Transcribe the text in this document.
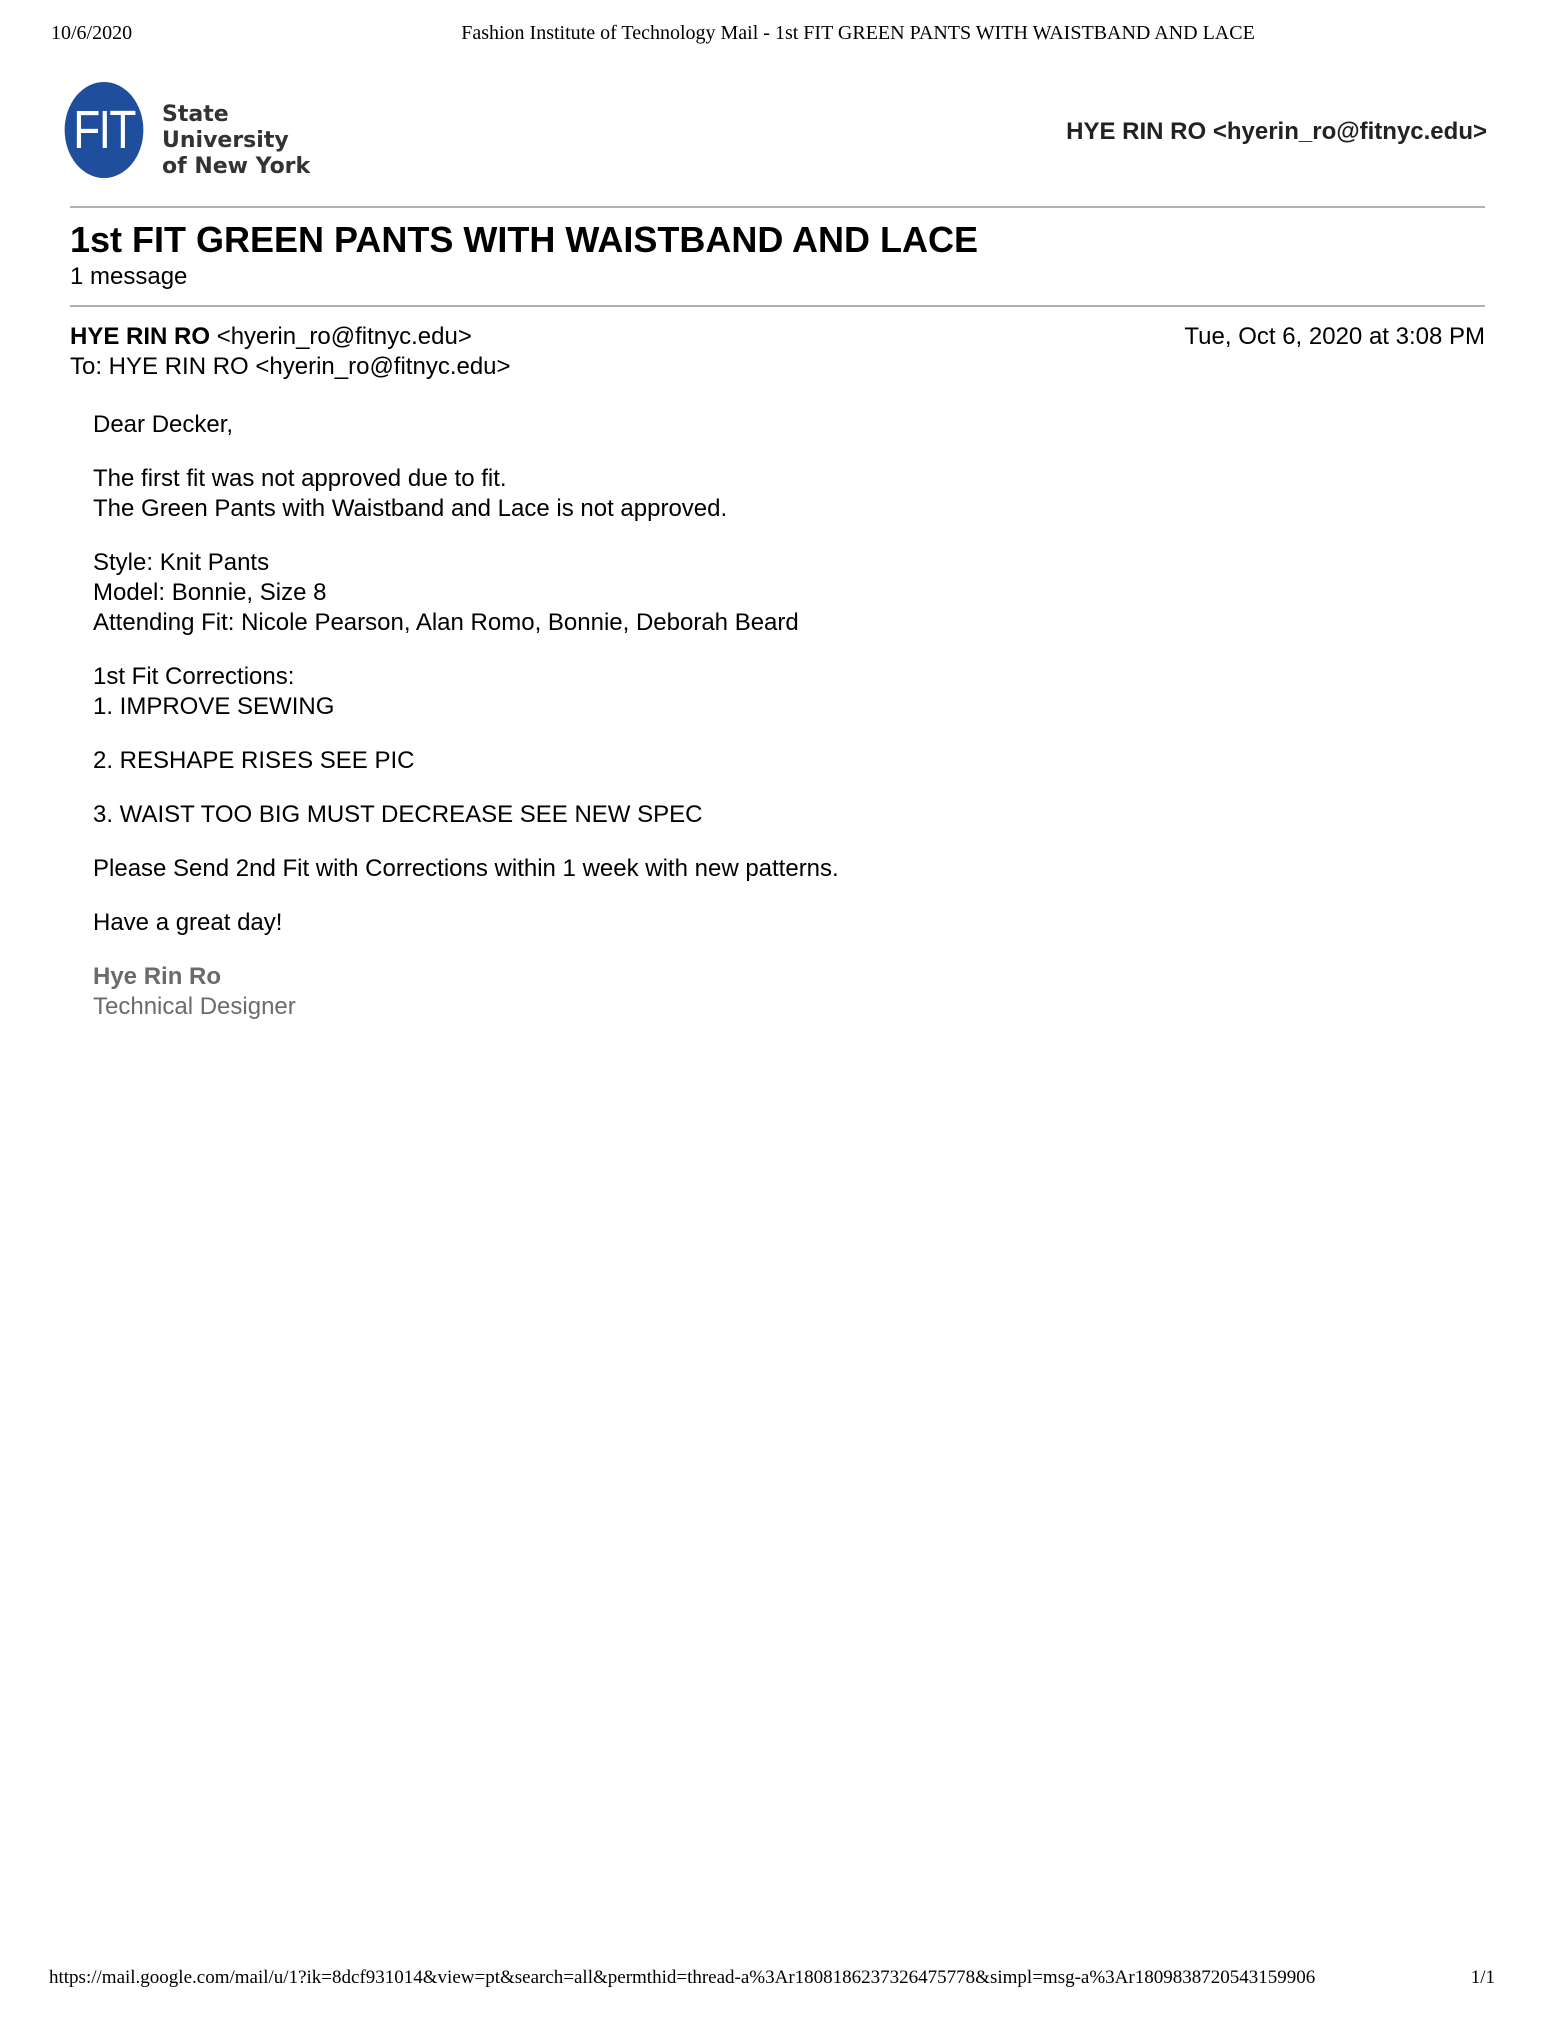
10/6/2020	Fashion Institute of Technology Mail - 1st FIT GREEN PANTS WITH WAISTBAND AND LACE
FIT	State University
of New York
HYE RIN RO <hyerin_ro@fitnyc.edu>
1st FIT GREEN PANTS WITH WAISTBAND AND LACE
1 message
HYE RIN RO <hyerin_ro@fitnyc.edu>
To: HYE RIN RO <hyerin_ro@fitnyc.edu>
Tue, Oct 6, 2020 at 3:08 PM

Dear Decker,

The first fit was not approved due to fit.
The Green Pants with Waistband and Lace is not approved.

Style: Knit Pants
Model: Bonnie, Size 8
Attending Fit: Nicole Pearson, Alan Romo, Bonnie, Deborah Beard

1st Fit Corrections:
1. IMPROVE SEWING

2. RESHAPE RISES SEE PIC

3. WAIST TOO BIG MUST DECREASE SEE NEW SPEC

Please Send 2nd Fit with Corrections within 1 week with new patterns.

Have a great day!

Hye Rin Ro
Technical Designer
https://mail.google.com/mail/u/1?ik=8dcf931014&view=pt&search=all&permthid=thread-a%3Ar1808186237326475778&simpl=msg-a%3Ar1809838720543159906	1/1
